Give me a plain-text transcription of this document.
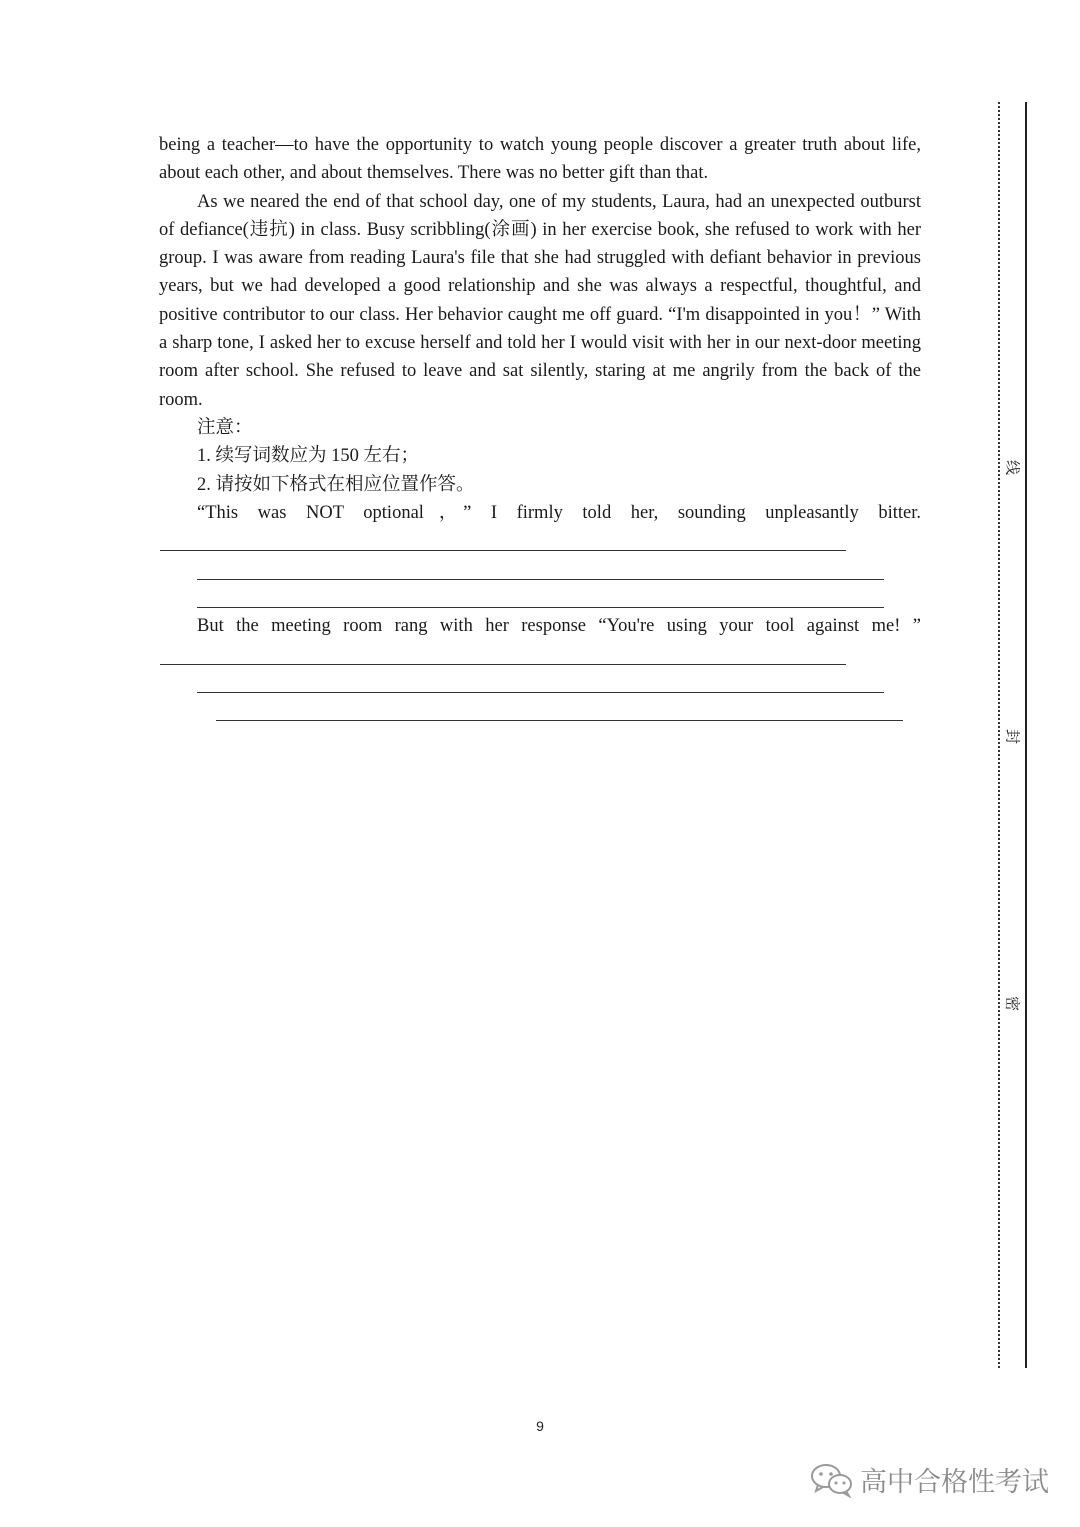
being a teacher—to have the opportunity to watch young people discover a greater truth about life, about each other, and about themselves. There was no better gift than that.

As we neared the end of that school day, one of my students, Laura, had an unexpected outburst of defiance(违抗) in class. Busy scribbling(涂画) in her exercise book, she refused to work with her group. I was aware from reading Laura's file that she had struggled with defiant behavior in previous years, but we had developed a good relationship and she was always a respectful, thoughtful, and positive contributor to our class. Her behavior caught me off guard. “I'm disappointed in you！” With a sharp tone, I asked her to excuse herself and told her I would visit with her in our next-door meeting room after school. She refused to leave and sat silently, staring at me angrily from the back of the room.

注意：

1. 续写词数应为 150 左右；

2. 请按如下格式在相应位置作答。

“This was NOT optional，” I firmly told her, sounding unpleasantly bitter.

But the meeting room rang with her response “You're using your tool against me! ”

线
封
密
9
高中合格性考试
